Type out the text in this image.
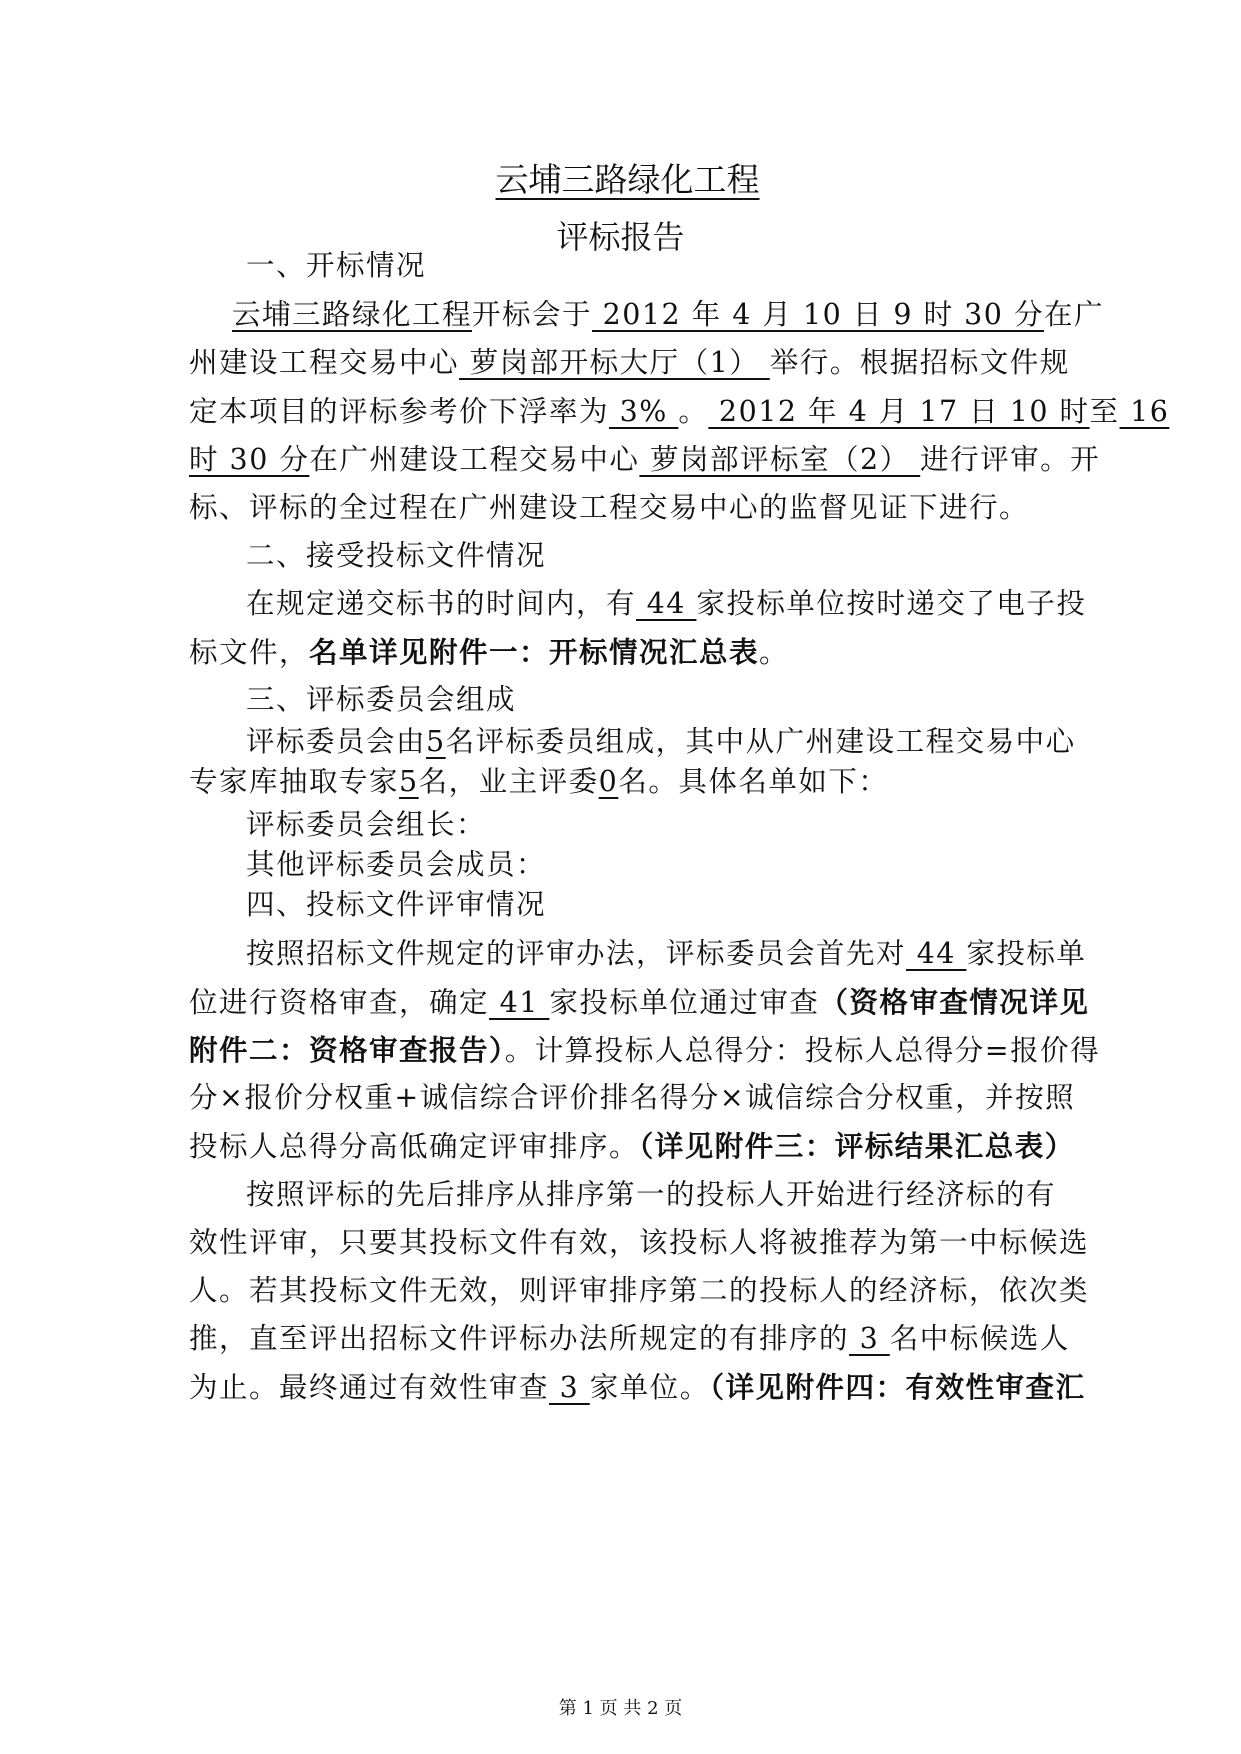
云埔三路绿化工程
评标报告
一、开标情况
云埔三路绿化工程开标会于 2012 年 4 月 10 日 9 时 30 分在广
州建设工程交易中心 萝岗部开标大厅（1） 举行。根据招标文件规
定本项目的评标参考价下浮率为 3% 。 2012 年 4 月 17 日 10 时至 16
时 30 分在广州建设工程交易中心 萝岗部评标室（2） 进行评审。开
标、评标的全过程在广州建设工程交易中心的监督见证下进行。
二、接受投标文件情况
在规定递交标书的时间内，有 44 家投标单位按时递交了电子投
标文件，名单详见附件一：开标情况汇总表。
三、评标委员会组成
评标委员会由5名评标委员组成，其中从广州建设工程交易中心
专家库抽取专家5名，业主评委0名。具体名单如下：
评标委员会组长：
其他评标委员会成员：
四、投标文件评审情况
按照招标文件规定的评审办法，评标委员会首先对 44 家投标单
位进行资格审查，确定 41 家投标单位通过审查（资格审查情况详见
附件二：资格审查报告）。计算投标人总得分：投标人总得分=报价得
分×报价分权重+诚信综合评价排名得分×诚信综合分权重，并按照
投标人总得分高低确定评审排序。（详见附件三：评标结果汇总表）
按照评标的先后排序从排序第一的投标人开始进行经济标的有
效性评审，只要其投标文件有效，该投标人将被推荐为第一中标候选
人。若其投标文件无效，则评审排序第二的投标人的经济标，依次类
推，直至评出招标文件评标办法所规定的有排序的 3 名中标候选人
为止。最终通过有效性审查 3 家单位。（详见附件四：有效性审查汇
第 1 页 共 2 页
